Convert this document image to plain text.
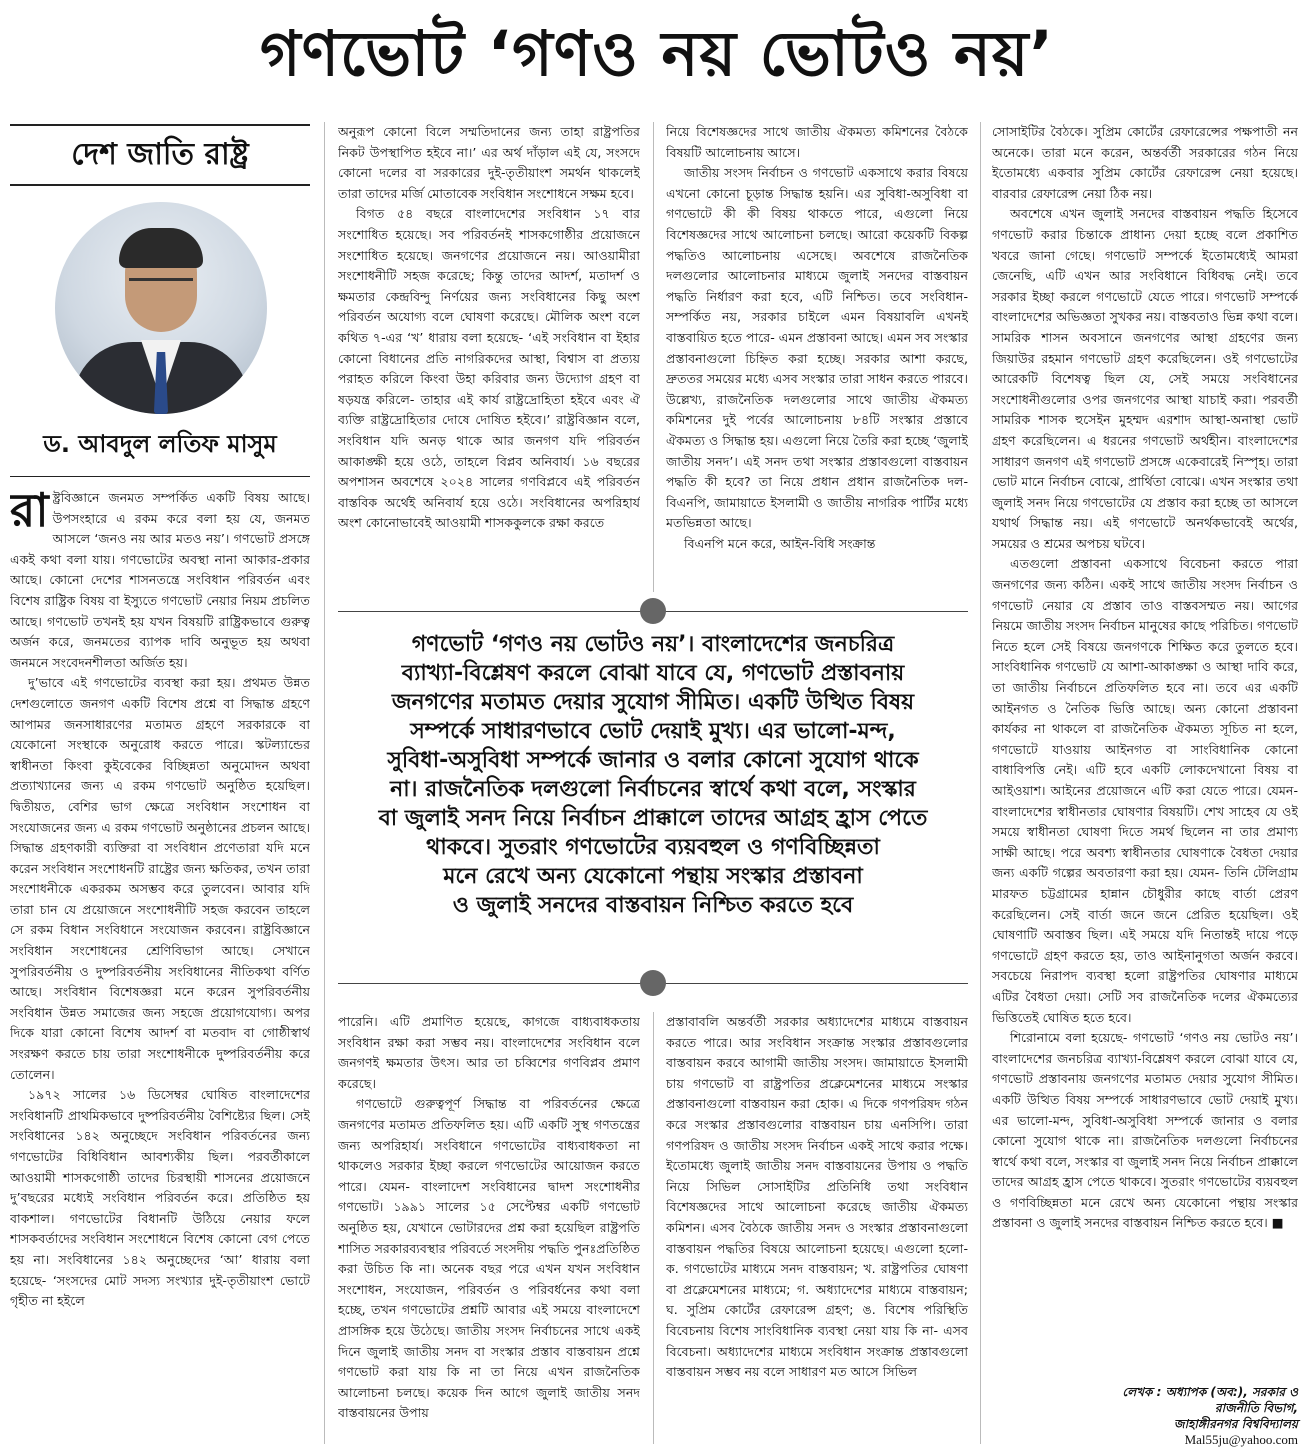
গণভোট ‘গণও নয় ভোটও নয়’
দেশ জাতি রাষ্ট্র
ড. আবদুল লতিফ মাসুম

রাষ্ট্রবিজ্ঞানে জনমত সম্পর্কিত একটি বিষয় আছে। উপসংহারে এ রকম করে বলা হয় যে, জনমত আসলে ‘জনও নয় আর মতও নয়’। গণভোট প্রসঙ্গে একই কথা বলা যায়। গণভোটের অবস্থা নানা আকার-প্রকার আছে। কোনো দেশের শাসনতন্ত্রে সংবিধান পরিবর্তন এবং বিশেষ রাষ্ট্রিক বিষয় বা ইস্যুতে গণভোট নেয়ার নিয়ম প্রচলিত আছে। গণভোট তখনই হয় যখন বিষয়টি রাষ্ট্রিকভাবে গুরুত্ব অর্জন করে, জনমতের ব্যাপক দাবি অনুভূত হয় অথবা জনমনে সংবেদনশীলতা অর্জিত হয়।

দু’ভাবে এই গণভোটের ব্যবস্থা করা হয়। প্রথমত উন্নত দেশগুলোতে জনগণ একটি বিশেষ প্রশ্নে বা সিদ্ধান্ত গ্রহণে আপামর জনসাধারণের মতামত গ্রহণে সরকারকে বা যেকোনো সংস্থাকে অনুরোধ করতে পারে। স্কটল্যান্ডের স্বাধীনতা কিংবা কুইবেকের বিচ্ছিন্নতা অনুমোদন অথবা প্রত্যাখ্যানের জন্য এ রকম গণভোট অনুষ্ঠিত হয়েছিল। দ্বিতীয়ত, বেশির ভাগ ক্ষেত্রে সংবিধান সংশোধন বা সংযোজনের জন্য এ রকম গণভোট অনুষ্ঠানের প্রচলন আছে। সিদ্ধান্ত গ্রহণকারী ব্যক্তিরা বা সংবিধান প্রণেতারা যদি মনে করেন সংবিধান সংশোধনটি রাষ্ট্রের জন্য ক্ষতিকর, তখন তারা সংশোধনীকে একরকম অসম্ভব করে তুলবেন। আবার যদি তারা চান যে প্রয়োজনে সংশোধনীটি সহজ করবেন তাহলে সে রকম বিধান সংবিধানে সংযোজন করবেন। রাষ্ট্রবিজ্ঞানে সংবিধান সংশোধনের শ্রেণিবিভাগ আছে। সেখানে সুপরিবর্তনীয় ও দুষ্পরিবর্তনীয় সংবিধানের নীতিকথা বর্ণিত আছে। সংবিধান বিশেষজ্ঞরা মনে করেন সুপরিবর্তনীয় সংবিধান উন্নত সমাজের জন্য সহজে প্রয়োগযোগ্য। অপর দিকে যারা কোনো বিশেষ আদর্শ বা মতবাদ বা গোষ্ঠীস্বার্থ সংরক্ষণ করতে চায় তারা সংশোধনীকে দুষ্পরিবর্তনীয় করে তোলেন।

১৯৭২ সালের ১৬ ডিসেম্বর ঘোষিত বাংলাদেশের সংবিধানটি প্রাথমিকভাবে দুষ্পরিবর্তনীয় বৈশিষ্ট্যের ছিল। সেই সংবিধানের ১৪২ অনুচ্ছেদে সংবিধান পরিবর্তনের জন্য গণভোটের বিধিবিধান আবশ্যকীয় ছিল। পরবর্তীকালে আওয়ামী শাসকগোষ্ঠী তাদের চিরস্থায়ী শাসনের প্রয়োজনে দু’বছরের মধ্যেই সংবিধান পরিবর্তন করে। প্রতিষ্ঠিত হয় বাকশাল। গণভোটের বিধানটি উঠিয়ে নেয়ার ফলে শাসকবর্তাদের সংবিধান সংশোধনে বিশেষ কোনো বেগ পেতে হয় না। সংবিধানের ১৪২ অনুচ্ছেদের ‘আ’ ধারায় বলা হয়েছে- ‘সংসদের মোট সদস্য সংখ্যার দুই-তৃতীয়াংশ ভোটে গৃহীত না হইলে

অনুরূপ কোনো বিলে সম্মতিদানের জন্য তাহা রাষ্ট্রপতির নিকট উপস্থাপিত হইবে না।’ এর অর্থ দাঁড়াল এই যে, সংসদে কোনো দলের বা সরকারের দুই-তৃতীয়াংশ সমর্থন থাকলেই তারা তাদের মর্জি মোতাবেক সংবিধান সংশোধনে সক্ষম হবে।

বিগত ৫৪ বছরে বাংলাদেশের সংবিধান ১৭ বার সংশোধিত হয়েছে। সব পরিবর্তনই শাসকগোষ্ঠীর প্রয়োজনে সংশোধিত হয়েছে। জনগণের প্রয়োজনে নয়। আওয়ামীরা সংশোধনীটি সহজ করেছে; কিন্তু তাদের আদর্শ, মতাদর্শ ও ক্ষমতার কেন্দ্রবিন্দু নির্ণয়ের জন্য সংবিধানের কিছু অংশ পরিবর্তন অযোগ্য বলে ঘোষণা করেছে। মৌলিক অংশ বলে কথিত ৭-এর ‘খ’ ধারায় বলা হয়েছে- ‘এই সংবিধান বা ইহার কোনো বিধানের প্রতি নাগরিকদের আস্থা, বিশ্বাস বা প্রত্যয় পরাহত করিলে কিংবা উহা করিবার জন্য উদ্যোগ গ্রহণ বা ষড়যন্ত্র করিলে- তাহার এই কার্য রাষ্ট্রদ্রোহিতা হইবে এবং ঐ ব্যক্তি রাষ্ট্রদ্রোহিতার দোষে দোষিত হইবে।’ রাষ্ট্রবিজ্ঞান বলে, সংবিধান যদি অনড় থাকে আর জনগণ যদি পরিবর্তন আকাঙ্ক্ষী হয়ে ওঠে, তাহলে বিপ্লব অনিবার্য। ১৬ বছরের অপশাসন অবশেষে ২০২৪ সালের গণবিপ্লবে এই পরিবর্তন বাস্তবিক অর্থেই অনিবার্য হয়ে ওঠে। সংবিধানের অপরিহার্য অংশ কোনোভাবেই আওয়ামী শাসককুলকে রক্ষা করতে

নিয়ে বিশেষজ্ঞদের সাথে জাতীয় ঐকমত্য কমিশনের বৈঠকে বিষয়টি আলোচনায় আসে।

জাতীয় সংসদ নির্বাচন ও গণভোট একসাথে করার বিষয়ে এখনো কোনো চূড়ান্ত সিদ্ধান্ত হয়নি। এর সুবিধা-অসুবিধা বা গণভোটে কী কী বিষয় থাকতে পারে, এগুলো নিয়ে বিশেষজ্ঞদের সাথে আলোচনা চলছে। আরো কয়েকটি বিকল্প পদ্ধতিও আলোচনায় এসেছে। অবশেষে রাজনৈতিক দলগুলোর আলোচনার মাধ্যমে জুলাই সনদের বাস্তবায়ন পদ্ধতি নির্ধারণ করা হবে, এটি নিশ্চিত। তবে সংবিধান-সম্পর্কিত নয়, সরকার চাইলে এমন বিষয়াবলি এখনই বাস্তবায়িত হতে পারে- এমন প্রস্তাবনা আছে। এমন সব সংস্কার প্রস্তাবনাগুলো চিহ্নিত করা হচ্ছে। সরকার আশা করছে, দ্রুততর সময়ের মধ্যে এসব সংস্কার তারা সাধন করতে পারবে। উল্লেখ্য, রাজনৈতিক দলগুলোর সাথে জাতীয় ঐকমত্য কমিশনের দুই পর্বের আলোচনায় ৮৪টি সংস্কার প্রস্তাবে ঐকমত্য ও সিদ্ধান্ত হয়। এগুলো নিয়ে তৈরি করা হচ্ছে ‘জুলাই জাতীয় সনদ’। এই সনদ তথা সংস্কার প্রস্তাবগুলো বাস্তবায়ন পদ্ধতি কী হবে? তা নিয়ে প্রধান প্রধান রাজনৈতিক দল- বিএনপি, জামায়াতে ইসলামী ও জাতীয় নাগরিক পার্টির মধ্যে মতভিন্নতা আছে।

বিএনপি মনে করে, আইন-বিধি সংক্রান্ত

গণভোট ‘গণও নয় ভোটও নয়’। বাংলাদেশের জনচরিত্র
ব্যাখ্যা-বিশ্লেষণ করলে বোঝা যাবে যে, গণভোট প্রস্তাবনায়
জনগণের মতামত দেয়ার সুযোগ সীমিত। একটি উত্থিত বিষয়
সম্পর্কে সাধারণভাবে ভোট দেয়াই মুখ্য। এর ভালো-মন্দ,
সুবিধা-অসুবিধা সম্পর্কে জানার ও বলার কোনো সুযোগ থাকে
না। রাজনৈতিক দলগুলো নির্বাচনের স্বার্থে কথা বলে, সংস্কার
বা জুলাই সনদ নিয়ে নির্বাচন প্রাক্কালে তাদের আগ্রহ হ্রাস পেতে
থাকবে। সুতরাং গণভোটের ব্যয়বহুল ও গণবিচ্ছিন্নতা
মনে রেখে অন্য যেকোনো পন্থায় সংস্কার প্রস্তাবনা
ও জুলাই সনদের বাস্তবায়ন নিশ্চিত করতে হবে

পারেনি। এটি প্রমাণিত হয়েছে, কাগজে বাধ্যবাধকতায় সংবিধান রক্ষা করা সম্ভব নয়। বাংলাদেশের সংবিধান বলে জনগণই ক্ষমতার উৎস। আর তা চব্বিশের গণবিপ্লব প্রমাণ করেছে।

গণভোটে গুরুত্বপূর্ণ সিদ্ধান্ত বা পরিবর্তনের ক্ষেত্রে জনগণের মতামত প্রতিফলিত হয়। এটি একটি সুস্থ গণতন্ত্রের জন্য অপরিহার্য। সংবিধানে গণভোটের বাধ্যবাধকতা না থাকলেও সরকার ইচ্ছা করলে গণভোটের আয়োজন করতে পারে। যেমন- বাংলাদেশ সংবিধানের দ্বাদশ সংশোধনীর গণভোট। ১৯৯১ সালের ১৫ সেপ্টেম্বর একটি গণভোট অনুষ্ঠিত হয়, যেখানে ভোটারদের প্রশ্ন করা হয়েছিল রাষ্ট্রপতি শাসিত সরকারব্যবস্থার পরিবর্তে সংসদীয় পদ্ধতি পুনঃপ্রতিষ্ঠিত করা উচিত কি না। অনেক বছর পরে এখন যখন সংবিধান সংশোধন, সংযোজন, পরিবর্তন ও পরিবর্ধনের কথা বলা হচ্ছে, তখন গণভোটের প্রশ্নটি আবার এই সময়ে বাংলাদেশে প্রাসঙ্গিক হয়ে উঠেছে। জাতীয় সংসদ নির্বাচনের সাথে একই দিনে জুলাই জাতীয় সনদ বা সংস্কার প্রস্তাব বাস্তবায়ন প্রশ্নে গণভোট করা যায় কি না তা নিয়ে এখন রাজনৈতিক আলোচনা চলছে। কয়েক দিন আগে জুলাই জাতীয় সনদ বাস্তবায়নের উপায়

প্রস্তাবাবলি অন্তর্বর্তী সরকার অধ্যাদেশের মাধ্যমে বাস্তবায়ন করতে পারে। আর সংবিধান সংক্রান্ত সংস্কার প্রস্তাবগুলোর বাস্তবায়ন করবে আগামী জাতীয় সংসদ। জামায়াতে ইসলামী চায় গণভোট বা রাষ্ট্রপতির প্রক্লেমেশনের মাধ্যমে সংস্কার প্রস্তাবনাগুলো বাস্তবায়ন করা হোক। এ দিকে গণপরিষদ গঠন করে সংস্কার প্রস্তাবগুলোর বাস্তবায়ন চায় এনসিপি। তারা গণপরিষদ ও জাতীয় সংসদ নির্বাচন একই সাথে করার পক্ষে। ইতোমধ্যে জুলাই জাতীয় সনদ বাস্তবায়নের উপায় ও পদ্ধতি নিয়ে সিভিল সোসাইটির প্রতিনিধি তথা সংবিধান বিশেষজ্ঞদের সাথে আলোচনা করেছে জাতীয় ঐকমত্য কমিশন। এসব বৈঠকে জাতীয় সনদ ও সংস্কার প্রস্তাবনাগুলো বাস্তবায়ন পদ্ধতির বিষয়ে আলোচনা হয়েছে। এগুলো হলো- ক. গণভোটের মাধ্যমে সনদ বাস্তবায়ন; খ. রাষ্ট্রপতির ঘোষণা বা প্রক্লেমেশনের মাধ্যমে; গ. অধ্যাদেশের মাধ্যমে বাস্তবায়ন; ঘ. সুপ্রিম কোর্টের রেফারেন্স গ্রহণ; ঙ. বিশেষ পরিস্থিতি বিবেচনায় বিশেষ সাংবিধানিক ব্যবস্থা নেয়া যায় কি না- এসব বিবেচনা। অধ্যাদেশের মাধ্যমে সংবিধান সংক্রান্ত প্রস্তাবগুলো বাস্তবায়ন সম্ভব নয় বলে সাধারণ মত আসে সিভিল

সোসাইটির বৈঠকে। সুপ্রিম কোর্টের রেফারেন্সের পক্ষপাতী নন অনেকে। তারা মনে করেন, অন্তর্বর্তী সরকারের গঠন নিয়ে ইতোমধ্যে একবার সুপ্রিম কোর্টের রেফারেন্স নেয়া হয়েছে। বারবার রেফারেন্স নেয়া ঠিক নয়।

অবশেষে এখন জুলাই সনদের বাস্তবায়ন পদ্ধতি হিসেবে গণভোট করার চিন্তাকে প্রাধান্য দেয়া হচ্ছে বলে প্রকাশিত খবরে জানা গেছে। গণভোট সম্পর্কে ইতোমধ্যেই আমরা জেনেছি, এটি এখন আর সংবিধানে বিধিবদ্ধ নেই। তবে সরকার ইচ্ছা করলে গণভোটে যেতে পারে। গণভোট সম্পর্কে বাংলাদেশের অভিজ্ঞতা সুখকর নয়। বাস্তবতাও ভিন্ন কথা বলে। সামরিক শাসন অবসানে জনগণের আস্থা গ্রহণের জন্য জিয়াউর রহমান গণভোট গ্রহণ করেছিলেন। ওই গণভোটের আরেকটি বিশেষত্ব ছিল যে, সেই সময়ে সংবিধানের সংশোধনীগুলোর ওপর জনগণের আস্থা যাচাই করা। পরবর্তী সামরিক শাসক হুসেইন মুহম্মদ এরশাদ আস্থা-অনাস্থা ভোট গ্রহণ করেছিলেন। এ ধরনের গণভোট অর্থহীন। বাংলাদেশের সাধারণ জনগণ এই গণভোট প্রসঙ্গে একেবারেই নিস্পৃহ। তারা ভোট মানে নির্বাচন বোঝে, প্রার্থিতা বোঝে। এখন সংস্কার তথা জুলাই সনদ নিয়ে গণভোটের যে প্রস্তাব করা হচ্ছে তা আসলে যথার্থ সিদ্ধান্ত নয়। এই গণভোটে অনর্থকভাবেই অর্থের, সময়ের ও শ্রমের অপচয় ঘটবে।

এতগুলো প্রস্তাবনা একসাথে বিবেচনা করতে পারা জনগণের জন্য কঠিন। একই সাথে জাতীয় সংসদ নির্বাচন ও গণভোট নেয়ার যে প্রস্তাব তাও বাস্তবসম্মত নয়। আগের নিয়মে জাতীয় সংসদ নির্বাচন মানুষের কাছে পরিচিত। গণভোট নিতে হলে সেই বিষয়ে জনগণকে শিক্ষিত করে তুলতে হবে। সাংবিধানিক গণভোট যে আশা-আকাঙ্ক্ষা ও আস্থা দাবি করে, তা জাতীয় নির্বাচনে প্রতিফলিত হবে না। তবে এর একটি আইনগত ও নৈতিক ভিত্তি আছে। অন্য কোনো প্রস্তাবনা কার্যকর না থাকলে বা রাজনৈতিক ঐকমত্য সূচিত না হলে, গণভোটে যাওয়ায় আইনগত বা সাংবিধানিক কোনো বাধাবিপত্তি নেই। এটি হবে একটি লোকদেখানো বিষয় বা আইওয়াশ। আইনের প্রয়োজনে এটি করা যেতে পারে। যেমন- বাংলাদেশের স্বাধীনতার ঘোষণার বিষয়টি। শেখ সাহেব যে ওই সময়ে স্বাধীনতা ঘোষণা দিতে সমর্থ ছিলেন না তার প্রমাণ্য সাক্ষী আছে। পরে অবশ্য স্বাধীনতার ঘোষণাকে বৈধতা দেয়ার জন্য একটি গল্পের অবতারণা করা হয়। যেমন- তিনি টেলিগ্রাম মারফত চট্টগ্রামের হান্নান চৌধুরীর কাছে বার্তা প্রেরণ করেছিলেন। সেই বার্তা জনে জনে প্রেরিত হয়েছিল। ওই ঘোষণাটি অবাস্তব ছিল। এই সময়ে যদি নিতান্তই দায়ে পড়ে গণভোটে গ্রহণ করতে হয়, তাও আইনানুগতা অর্জন করবে। সবচেয়ে নিরাপদ ব্যবস্থা হলো রাষ্ট্রপতির ঘোষণার মাধ্যমে এটির বৈধতা দেয়া। সেটি সব রাজনৈতিক দলের ঐকমত্যের ভিত্তিতেই ঘোষিত হতে হবে।

শিরোনামে বলা হয়েছে- গণভোট ‘গণও নয় ভোটও নয়’। বাংলাদেশের জনচরিত্র ব্যাখ্যা-বিশ্লেষণ করলে বোঝা যাবে যে, গণভোট প্রস্তাবনায় জনগণের মতামত দেয়ার সুযোগ সীমিত। একটি উত্থিত বিষয় সম্পর্কে সাধারণভাবে ভোট দেয়াই মুখ্য। এর ভালো-মন্দ, সুবিধা-অসুবিধা সম্পর্কে জানার ও বলার কোনো সুযোগ থাকে না। রাজনৈতিক দলগুলো নির্বাচনের স্বার্থে কথা বলে, সংস্কার বা জুলাই সনদ নিয়ে নির্বাচন প্রাক্কালে তাদের আগ্রহ হ্রাস পেতে থাকবে। সুতরাং গণভোটের ব্যয়বহুল ও গণবিচ্ছিন্নতা মনে রেখে অন্য যেকোনো পন্থায় সংস্কার প্রস্তাবনা ও জুলাই সনদের বাস্তবায়ন নিশ্চিত করতে হবে। ■

লেখক : অধ্যাপক (অব:), সরকার ও
রাজনীতি বিভাগ,
জাহাঙ্গীরনগর বিশ্ববিদ্যালয়
Mal55ju@yahoo.com
